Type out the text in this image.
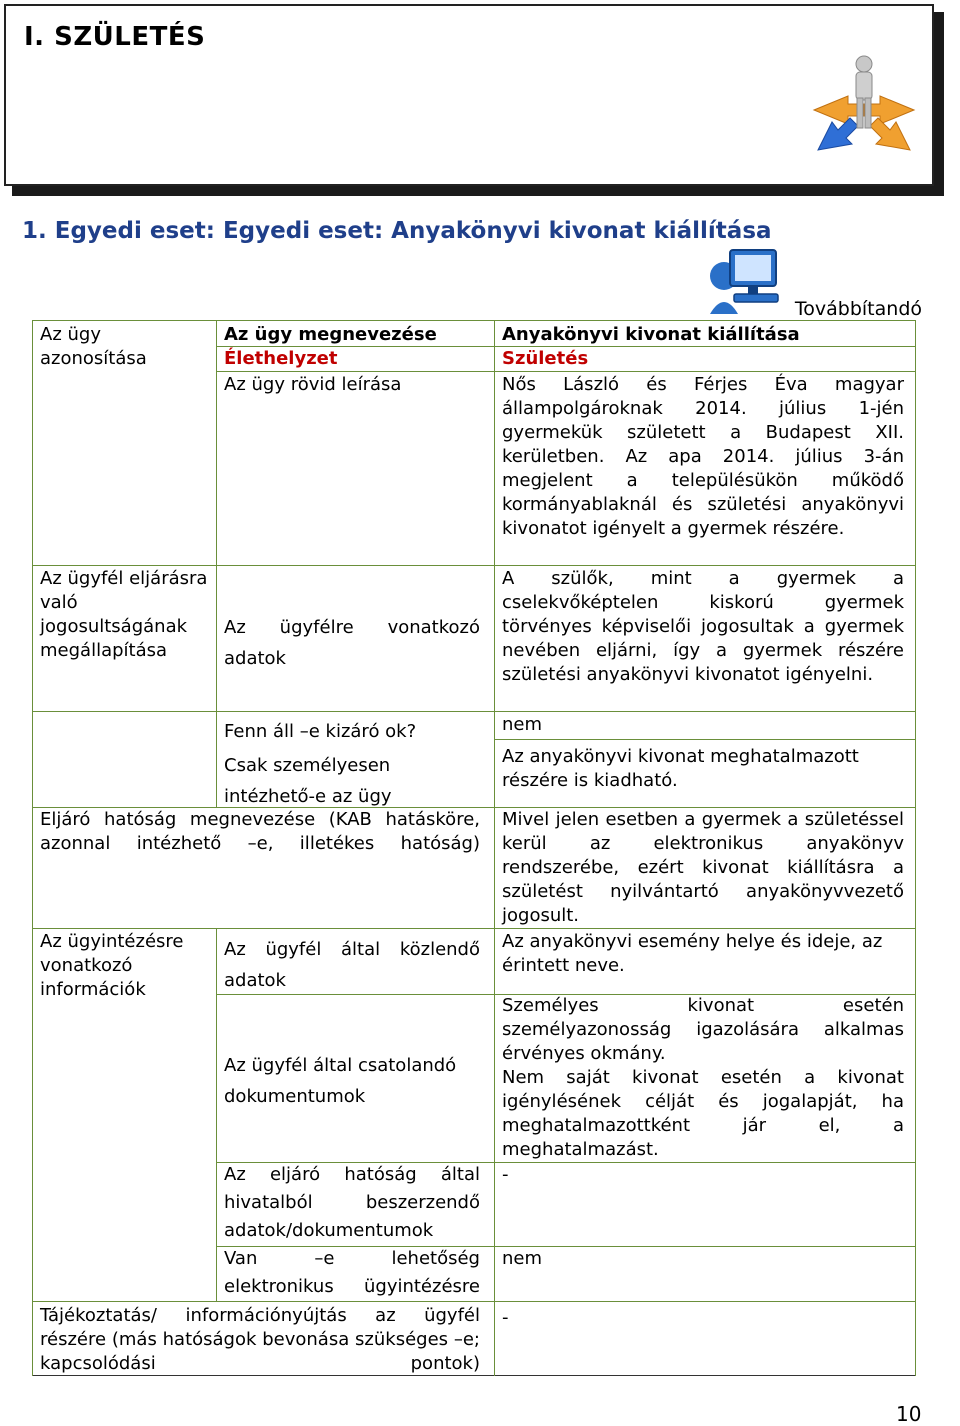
I. SZÜLETÉS
1. Egyedi eset: Egyedi eset: Anyakönyvi kivonat kiállítása
Továbbítandó
Az ügy azonosítása
Az ügyfél eljárásra való jogosultságának megállapítása
Eljáró hatóság megnevezése (KAB hatásköre, azonnal intézhető –e, illetékes hatóság)
Az ügyintézésre vonatkozó információk
Tájékoztatás/ információnyújtás az ügyfél részére (más hatóságok bevonása szükséges –e; kapcsolódási pontok)
Az ügy megnevezése
Élethelyzet
Az ügy rövid leírása
Az ügyfélre vonatkozó adatok
Fenn áll –e kizáró ok?
Csak személyesen intézhető-e az ügy
Az ügyfél által közlendő adatok
Az ügyfél által csatolandó dokumentumok
Az eljáró hatóság által hivatalból beszerzendő adatok/dokumentumok
Van –e lehetőség elektronikus ügyintézésre
Anyakönyvi kivonat kiállítása
Születés
Nős László és Férjes Éva magyar állampolgároknak 2014. július 1-jén gyermekük született a Budapest XII. kerületben. Az apa 2014. július 3-án megjelent a településükön működő kormányablaknál és születési anyakönyvi kivonatot igényelt a gyermek részére.
A szülők, mint a gyermek a cselekvőképtelen kiskorú gyermek törvényes képviselői jogosultak a gyermek nevében eljárni, így a gyermek részére születési anyakönyvi kivonatot igényelni.
nem
Az anyakönyvi kivonat meghatalmazott részére is kiadható.
Mivel jelen esetben a gyermek a születéssel kerül az elektronikus anyakönyv rendszerébe, ezért kivonat kiállításra a születést nyilvántartó anyakönyvvezető jogosult.
Az anyakönyvi esemény helye és ideje, az érintett neve.
Személyes kivonat esetén személyazonosság igazolására alkalmas érvényes okmány.
Nem saját kivonat esetén a kivonat igénylésének célját és jogalapját, ha meghatalmazottként jár el, a meghatalmazást.
-
nem
-
10
